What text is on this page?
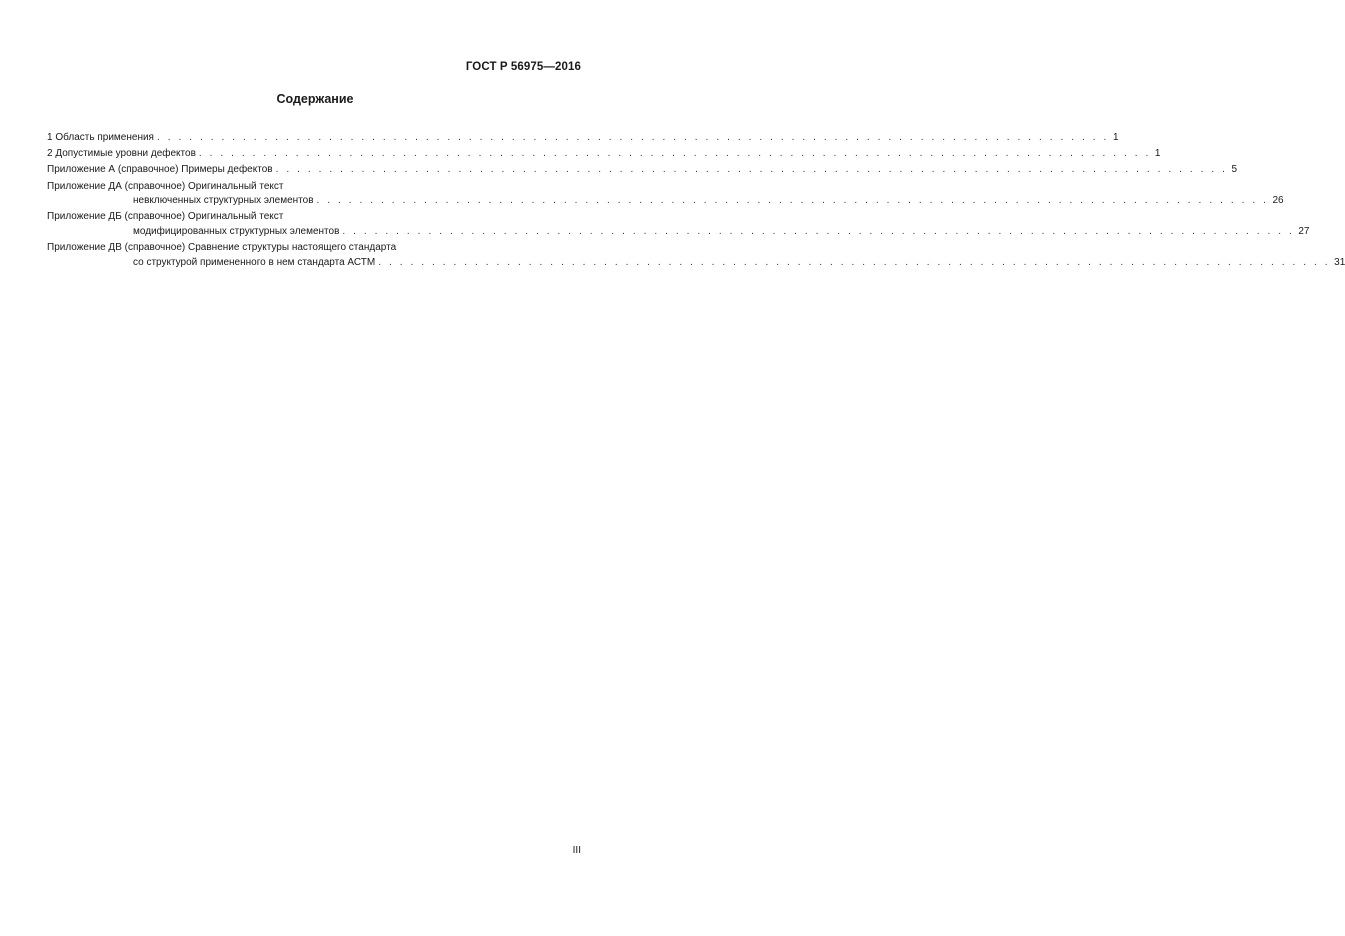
ГОСТ Р 56975—2016
Содержание
1 Область применения . . . . . . . . . . . . . . . . . . . . . . . . . . . . . . . . . . . . . . . . . . . . . . . . . . . . . . . . . . . . . . . . . . . . . . . . . . . . . . . . . . . . . . . . . 1
2 Допустимые уровни дефектов . . . . . . . . . . . . . . . . . . . . . . . . . . . . . . . . . . . . . . . . . . . . . . . . . . . . . . . . . . . . . . . . . . . . . . . . . . . . . . . . . . . . . . . . . 1
Приложение А (справочное) Примеры дефектов . . . . . . . . . . . . . . . . . . . . . . . . . . . . . . . . . . . . . . . . . . . . . . . . . . . . . . . . . . . . . . . . . . . . . . . . . . . . . . . . . . . . . . . . . 5
Приложение ДА (справочное) Оригинальный текст
невключенных структурных элементов . . . . . . . . . . . . . . . . . . . . . . . . . . . . . . . . . . . . . . . . . . . . . . . . . . . . . . . . . . . . . . . . . . . . . . . . . . . . . . . . . . . . . . . . . 26
Приложение ДБ (справочное) Оригинальный текст
модифицированных структурных элементов . . . . . . . . . . . . . . . . . . . . . . . . . . . . . . . . . . . . . . . . . . . . . . . . . . . . . . . . . . . . . . . . . . . . . . . . . . . . . . . . . . . . . . . . . 27
Приложение ДВ (справочное) Сравнение структуры настоящего стандарта
со структурой примененного в нем стандарта АСТМ . . . . . . . . . . . . . . . . . . . . . . . . . . . . . . . . . . . . . . . . . . . . . . . . . . . . . . . . . . . . . . . . . . . . . . . . . . . . . . . . . . . . . . . . . 31
III
